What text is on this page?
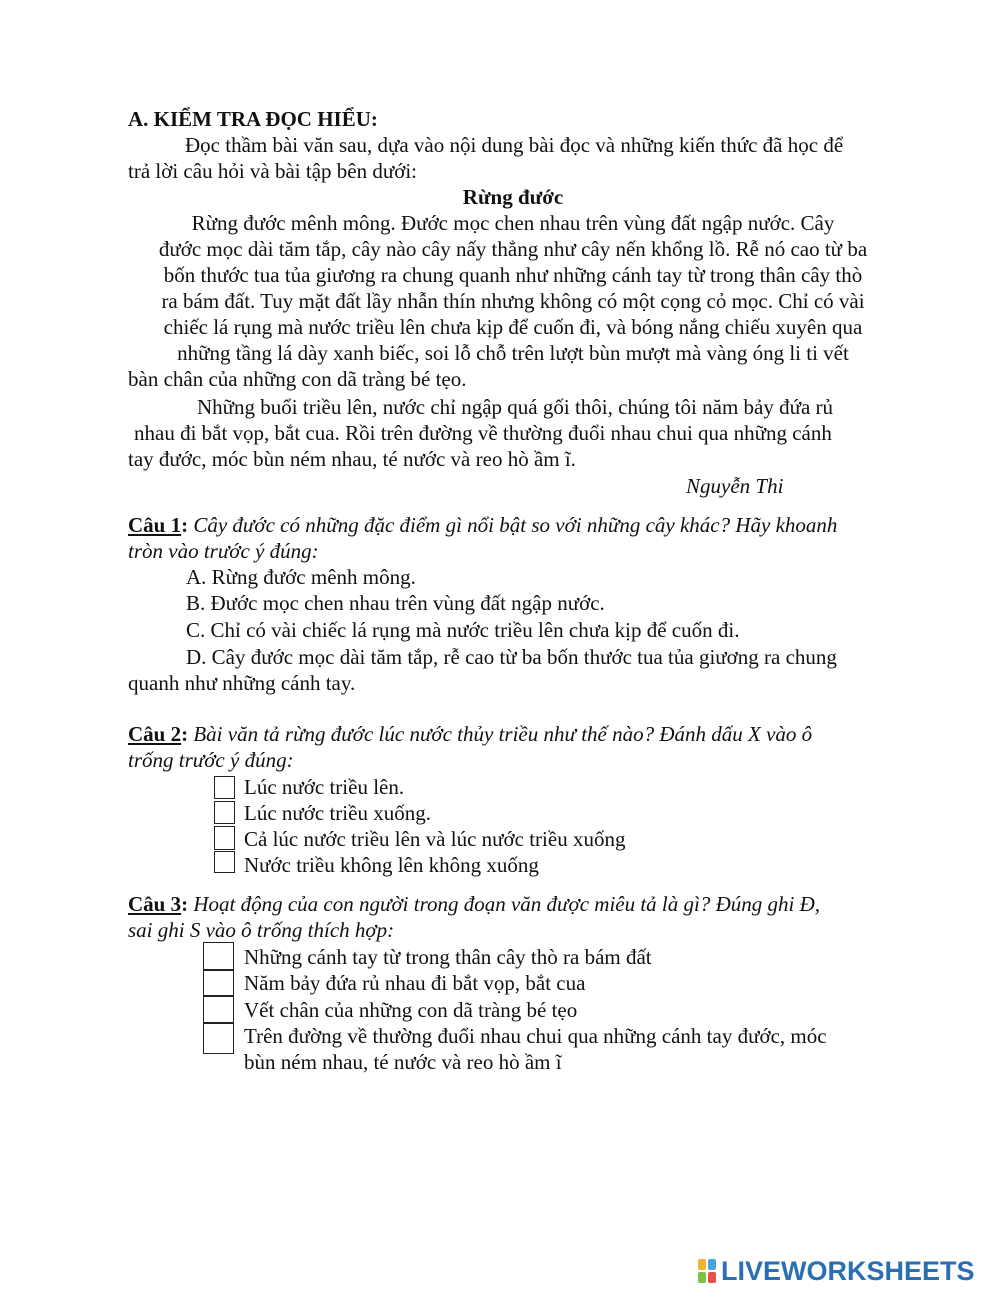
A. KIỂM TRA ĐỌC HIỂU:
Đọc thầm bài văn sau, dựa vào nội dung bài đọc và những kiến thức đã học để
trả lời câu hỏi và bài tập bên dưới:
Rừng đước
Rừng đước mênh mông. Đước mọc chen nhau trên vùng đất ngập nước. Cây
đước mọc dài tăm tắp, cây nào cây nấy thẳng như cây nến khổng lồ. Rễ nó cao từ ba
bốn thước tua tủa giương ra chung quanh như những cánh tay từ trong thân cây thò
ra bám đất. Tuy mặt đất lầy nhẫn thín nhưng không có một cọng cỏ mọc. Chỉ có vài
chiếc lá rụng mà nước triều lên chưa kịp để cuốn đi, và bóng nắng chiếu xuyên qua
những tầng lá dày xanh biếc, soi lỗ chỗ trên lượt bùn mượt mà vàng óng li ti vết
bàn chân của những con dã tràng bé tẹo.
Những buổi triều lên, nước chỉ ngập quá gối thôi, chúng tôi năm bảy đứa rủ
nhau đi bắt vọp, bắt cua. Rồi trên đường về thường đuổi nhau chui qua những cánh
tay đước, móc bùn ném nhau, té nước và reo hò ầm ĩ.
Nguyễn Thi
Câu 1: Cây đước có những đặc điểm gì nổi bật so với những cây khác? Hãy khoanh
tròn vào trước ý đúng:
A. Rừng đước mênh mông.
B. Đước mọc chen nhau trên vùng đất ngập nước.
C. Chỉ có vài chiếc lá rụng mà nước triều lên chưa kịp để cuốn đi.
D. Cây đước mọc dài tăm tắp, rễ cao từ ba bốn thước tua tủa giương ra chung
quanh như những cánh tay.
Câu 2: Bài văn tả rừng đước lúc nước thủy triều như thế nào? Đánh dấu X vào ô
trống trước ý đúng:
Lúc nước triều lên.
Lúc nước triều xuống.
Cả lúc nước triều lên và lúc nước triều xuống
Nước triều không lên không xuống
Câu 3: Hoạt động của con người trong đoạn văn được miêu tả là gì? Đúng ghi Đ,
sai ghi S vào ô trống thích hợp:
Những cánh tay từ trong thân cây thò ra bám đất
Năm bảy đứa rủ nhau đi bắt vọp, bắt cua
Vết chân của những con dã tràng bé tẹo
Trên đường về thường đuổi nhau chui qua những cánh tay đước, móc
bùn ném nhau, té nước và reo hò ầm ĩ
LIVEWORKSHEETS
